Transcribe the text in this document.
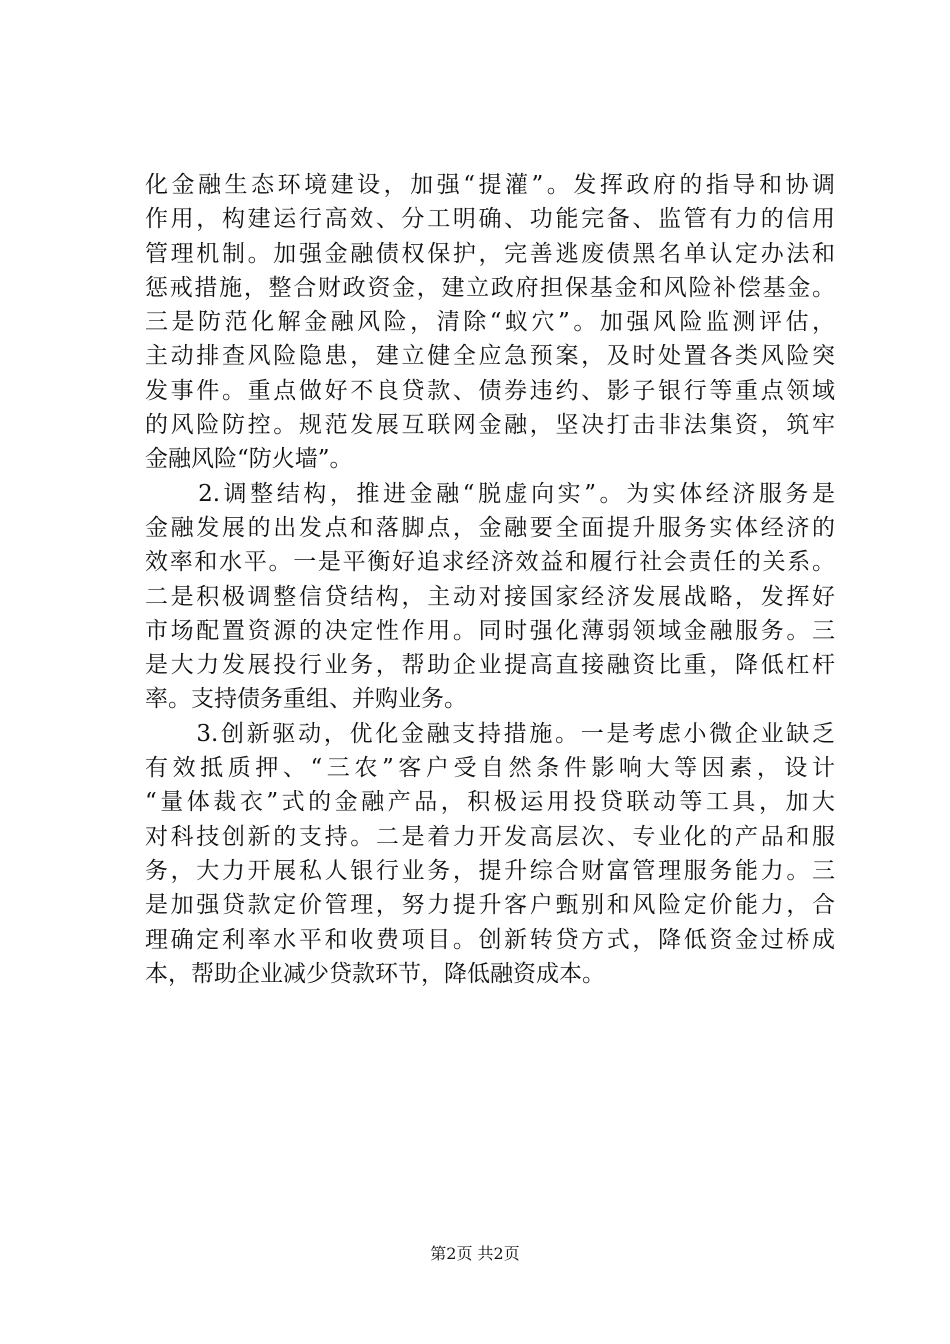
化金融生态环境建设，加强“提灌”。发挥政府的指导和协调
作用，构建运行高效、分工明确、功能完备、监管有力的信用
管理机制。加强金融债权保护，完善逃废债黑名单认定办法和
惩戒措施，整合财政资金，建立政府担保基金和风险补偿基金。
三是防范化解金融风险，清除“蚁穴”。加强风险监测评估，
主动排查风险隐患，建立健全应急预案，及时处置各类风险突
发事件。重点做好不良贷款、债券违约、影子银行等重点领域
的风险防控。规范发展互联网金融，坚决打击非法集资，筑牢
金融风险“防火墙”。
　　2.调整结构，推进金融“脱虚向实”。为实体经济服务是
金融发展的出发点和落脚点，金融要全面提升服务实体经济的
效率和水平。一是平衡好追求经济效益和履行社会责任的关系。
二是积极调整信贷结构，主动对接国家经济发展战略，发挥好
市场配置资源的决定性作用。同时强化薄弱领域金融服务。三
是大力发展投行业务，帮助企业提高直接融资比重，降低杠杆
率。支持债务重组、并购业务。
　　3.创新驱动，优化金融支持措施。一是考虑小微企业缺乏
有效抵质押、“三农”客户受自然条件影响大等因素，设计
“量体裁衣”式的金融产品，积极运用投贷联动等工具，加大
对科技创新的支持。二是着力开发高层次、专业化的产品和服
务，大力开展私人银行业务，提升综合财富管理服务能力。三
是加强贷款定价管理，努力提升客户甄别和风险定价能力，合
理确定利率水平和收费项目。创新转贷方式，降低资金过桥成
本，帮助企业减少贷款环节，降低融资成本。
第2页 共2页
